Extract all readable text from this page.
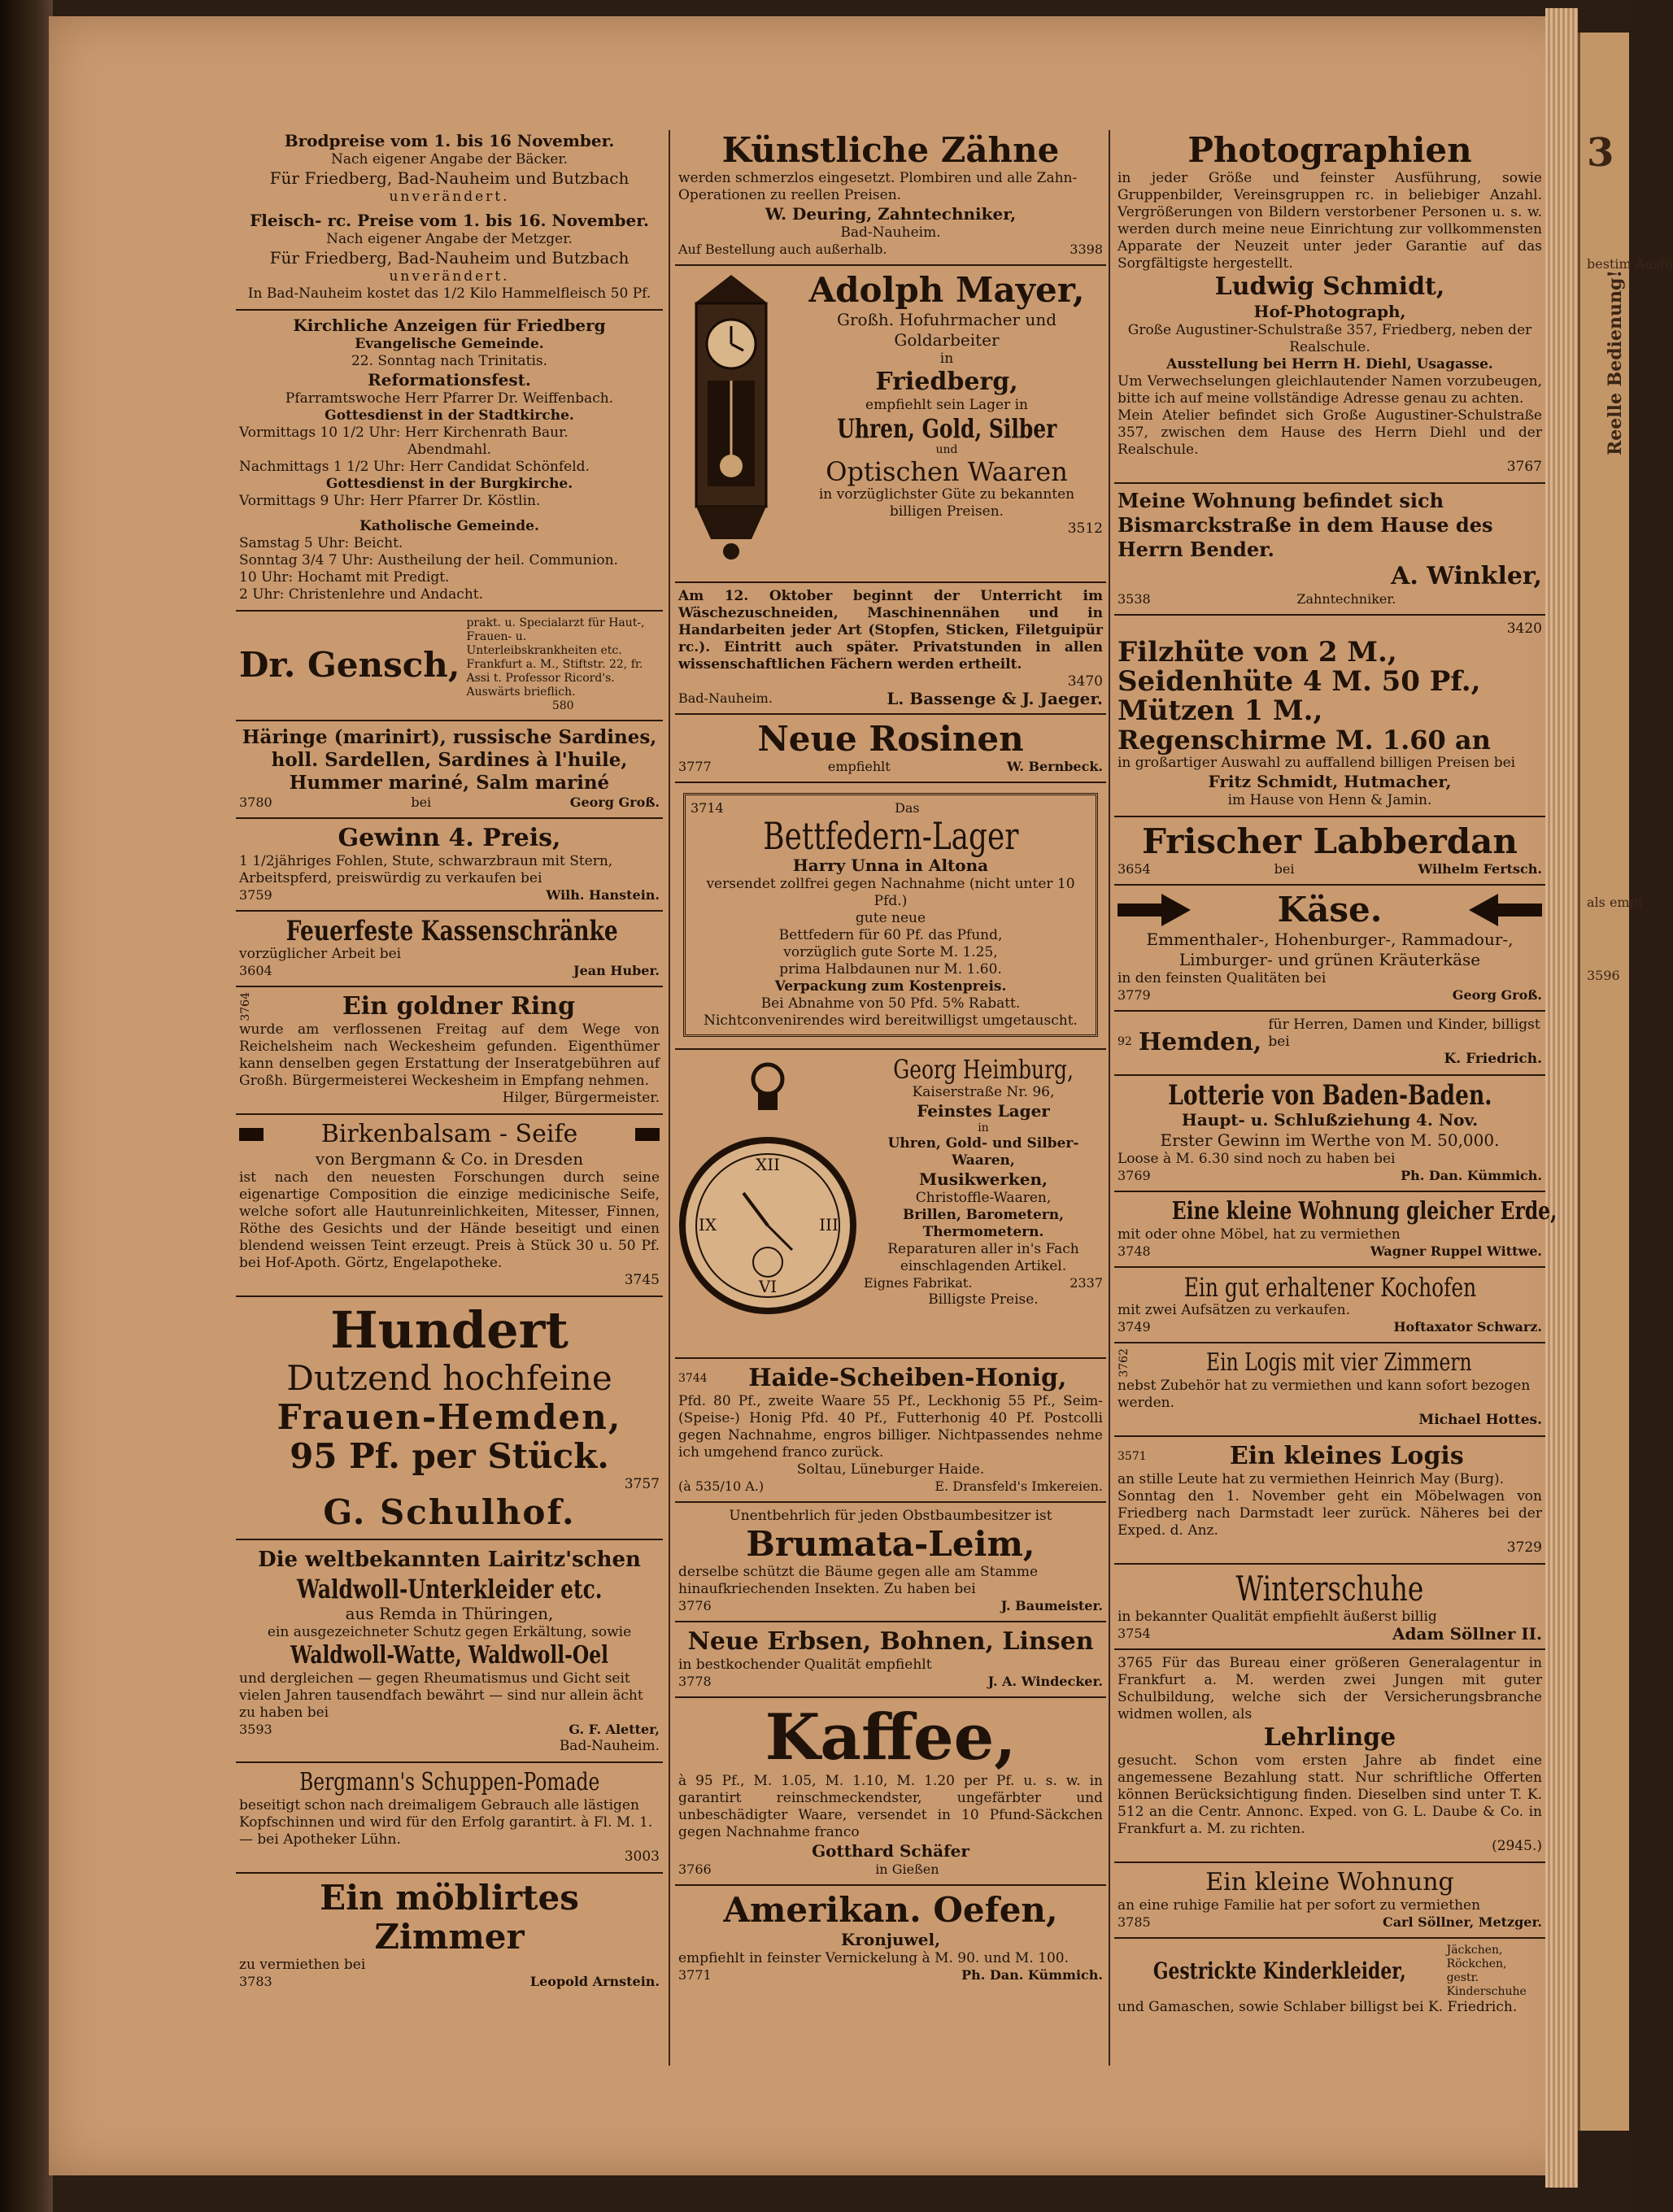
3
Reelle Bedienung!
bestim Ausfü
als empf
3596
Brodpreise vom 1. bis 16 November.
Nach eigener Angabe der Bäcker.
Für Friedberg, Bad-Nauheim und Butzbach
unverändert.
Fleisch- rc. Preise vom 1. bis 16. November.
Nach eigener Angabe der Metzger.
Für Friedberg, Bad-Nauheim und Butzbach
unverändert.
In Bad-Nauheim kostet das 1/2 Kilo Hammelfleisch 50 Pf.
Kirchliche Anzeigen für Friedberg
Evangelische Gemeinde.
22. Sonntag nach Trinitatis.
Reformationsfest.
Pfarramtswoche Herr Pfarrer Dr. Weiffenbach.
Gottesdienst in der Stadtkirche.
Vormittags 10 1/2 Uhr: Herr Kirchenrath Baur.
Abendmahl.
Nachmittags 1 1/2 Uhr: Herr Candidat Schönfeld.
Gottesdienst in der Burgkirche.
Vormittags 9 Uhr: Herr Pfarrer Dr. Köstlin.
Katholische Gemeinde.
Samstag 5 Uhr: Beicht.
Sonntag 3/4 7 Uhr: Austheilung der heil. Communion.
10 Uhr: Hochamt mit Predigt.
2 Uhr: Christenlehre und Andacht.
Dr. Gensch,
prakt. u. Specialarzt für Haut-, Frauen- u. Unterleibskrankheiten etc. Frankfurt a. M., Stiftstr. 22, fr. Assi t. Professor Ricord's. Auswärts brieflich.
580
Häringe (marinirt), russische Sardines, holl. Sardellen, Sardines à l'huile, Hummer mariné, Salm mariné
3780	bei	Georg Groß.
Gewinn 4. Preis,
1 1/2jähriges Fohlen, Stute, schwarzbraun mit Stern, Arbeitspferd, preiswürdig zu verkaufen bei
3759	Wilh. Hanstein.
Feuerfeste Kassenschränke
vorzüglicher Arbeit bei
3604	Jean Huber.
3764	Ein goldner Ring
wurde am verflossenen Freitag auf dem Wege von Reichelsheim nach Weckesheim gefunden. Eigenthümer kann denselben gegen Erstattung der Inseratgebühren auf Großh. Bürgermeisterei Weckesheim in Empfang nehmen.
Hilger, Bürgermeister.
Birkenbalsam - Seife
von Bergmann & Co. in Dresden
ist nach den neuesten Forschungen durch seine eigenartige Composition die einzige medicinische Seife, welche sofort alle Hautunreinlichkeiten, Mitesser, Finnen, Röthe des Gesichts und der Hände beseitigt und einen blendend weissen Teint erzeugt. Preis à Stück 30 u. 50 Pf. bei Hof-Apoth. Görtz, Engelapotheke.
3745
Hundert
Dutzend hochfeine
Frauen-Hemden,
95 Pf. per Stück.
3757
G. Schulhof.
Die weltbekannten Lairitz'schen
Waldwoll-Unterkleider etc.
aus Remda in Thüringen,
ein ausgezeichneter Schutz gegen Erkältung, sowie
Waldwoll-Watte, Waldwoll-Oel
und dergleichen — gegen Rheumatismus und Gicht seit vielen Jahren tausendfach bewährt — sind nur allein ächt zu haben bei
3593	G. F. Aletter,
Bad-Nauheim.
Bergmann's Schuppen-Pomade
beseitigt schon nach dreimaligem Gebrauch alle lästigen Kopfschinnen und wird für den Erfolg garantirt. à Fl. M. 1.— bei Apotheker Lühn.
3003
Ein möblirtes Zimmer
zu vermiethen bei
3783	Leopold Arnstein.
Künstliche Zähne
werden schmerzlos eingesetzt. Plombiren und alle Zahn-Operationen zu reellen Preisen.
W. Deuring, Zahntechniker,
Bad-Nauheim.
Auf Bestellung auch außerhalb.	3398
Adolph Mayer,
Großh. Hofuhrmacher und Goldarbeiter
in
Friedberg,
empfiehlt sein Lager in
Uhren, Gold, Silber
und
Optischen Waaren
in vorzüglichster Güte zu bekannten billigen Preisen.
3512
Am 12. Oktober beginnt der Unterricht im Wäschezuschneiden, Maschinennähen und in Handarbeiten jeder Art (Stopfen, Sticken, Filetguipür rc.). Eintritt auch später. Privatstunden in allen wissenschaftlichen Fächern werden ertheilt.
3470
Bad-Nauheim.	L. Bassenge & J. Jaeger.
Neue Rosinen
3777	empfiehlt	W. Bernbeck.
3714	Das
Bettfedern-Lager
Harry Unna in Altona
versendet zollfrei gegen Nachnahme (nicht unter 10 Pfd.)
gute neue
Bettfedern für 60 Pf. das Pfund,
vorzüglich gute Sorte M. 1.25,
prima Halbdaunen nur M. 1.60.
Verpackung zum Kostenpreis.
Bei Abnahme von 50 Pfd. 5% Rabatt.
Nichtconvenirendes wird bereitwilligst umgetauscht.
XII
III
VI
IX
Georg Heimburg,
Kaiserstraße Nr. 96,
Feinstes Lager
in
Uhren, Gold- und Silber-Waaren,
Musikwerken,
Christoffle-Waaren,
Brillen, Barometern,
Thermometern.
Reparaturen aller in's Fach einschlagenden Artikel.
Eignes Fabrikat.	2337
Billigste Preise.
3744	Haide-Scheiben-Honig,
Pfd. 80 Pf., zweite Waare 55 Pf., Leckhonig 55 Pf., Seim- (Speise-) Honig Pfd. 40 Pf., Futterhonig 40 Pf. Postcolli gegen Nachnahme, engros billiger. Nichtpassendes nehme ich umgehend franco zurück.
Soltau, Lüneburger Haide.
(à 535/10 A.)	E. Dransfeld's Imkereien.
Unentbehrlich für jeden Obstbaumbesitzer ist
Brumata-Leim,
derselbe schützt die Bäume gegen alle am Stamme hinaufkriechenden Insekten. Zu haben bei
3776	J. Baumeister.
Neue Erbsen, Bohnen, Linsen
in bestkochender Qualität empfiehlt
3778	J. A. Windecker.
Kaffee,
à 95 Pf., M. 1.05, M. 1.10, M. 1.20 per Pf. u. s. w. in garantirt reinschmeckendster, ungefärbter und unbeschädigter Waare, versendet in 10 Pfund-Säckchen gegen Nachnahme franco
Gotthard Schäfer
3766	in Gießen
Amerikan. Oefen,
Kronjuwel,
empfiehlt in feinster Vernickelung à M. 90. und M. 100.
3771	Ph. Dan. Kümmich.
Photographien
in jeder Größe und feinster Ausführung, sowie Gruppenbilder, Vereinsgruppen rc. in beliebiger Anzahl. Vergrößerungen von Bildern verstorbener Personen u. s. w. werden durch meine neue Einrichtung zur vollkommensten Apparate der Neuzeit unter jeder Garantie auf das Sorgfältigste hergestellt.
Ludwig Schmidt,
Hof-Photograph,
Große Augustiner-Schulstraße 357, Friedberg, neben der Realschule.
Ausstellung bei Herrn H. Diehl, Usagasse.
Um Verwechselungen gleichlautender Namen vorzubeugen, bitte ich auf meine vollständige Adresse genau zu achten.
Mein Atelier befindet sich Große Augustiner-Schulstraße 357, zwischen dem Hause des Herrn Diehl und der Realschule.
3767
Meine Wohnung befindet sich Bismarckstraße in dem Hause des Herrn Bender.
A. Winkler,
3538	Zahntechniker.
3420
Filzhüte von 2 M.,
Seidenhüte 4 M. 50 Pf.,
Mützen 1 M.,
Regenschirme M. 1.60 an
in großartiger Auswahl zu auffallend billigen Preisen bei
Fritz Schmidt, Hutmacher,
im Hause von Henn & Jamin.
Frischer Labberdan
3654	bei	Wilhelm Fertsch.
Käse.
Emmenthaler-, Hohenburger-, Rammadour-,
Limburger- und grünen Kräuterkäse
in den feinsten Qualitäten bei
3779	Georg Groß.
92 Hemden,
für Herren, Damen und Kinder, billigst bei
K. Friedrich.
Lotterie von Baden-Baden.
Haupt- u. Schlußziehung 4. Nov.
Erster Gewinn im Werthe von M. 50,000.
Loose à M. 6.30 sind noch zu haben bei
3769	Ph. Dan. Kümmich.
Eine kleine Wohnung gleicher Erde,
mit oder ohne Möbel, hat zu vermiethen
3748	Wagner Ruppel Wittwe.
Ein gut erhaltener Kochofen
mit zwei Aufsätzen zu verkaufen.
3749	Hoftaxator Schwarz.
3762	Ein Logis mit vier Zimmern
nebst Zubehör hat zu vermiethen und kann sofort bezogen werden.
Michael Hottes.
3571	Ein kleines Logis
an stille Leute hat zu vermiethen Heinrich May (Burg).
Sonntag den 1. November geht ein Möbelwagen von Friedberg nach Darmstadt leer zurück. Näheres bei der Exped. d. Anz.
3729
Winterschuhe
in bekannter Qualität empfiehlt äußerst billig
3754	Adam Söllner II.
3765 Für das Bureau einer größeren Generalagentur in Frankfurt a. M. werden zwei Jungen mit guter Schulbildung, welche sich der Versicherungsbranche widmen wollen, als
Lehrlinge
gesucht. Schon vom ersten Jahre ab findet eine angemessene Bezahlung statt. Nur schriftliche Offerten können Berücksichtigung finden. Dieselben sind unter T. K. 512 an die Centr. Annonc. Exped. von G. L. Daube & Co. in Frankfurt a. M. zu richten.
(2945.)
Ein kleine Wohnung
an eine ruhige Familie hat per sofort zu vermiethen
3785	Carl Söllner, Metzger.
Gestrickte Kinderkleider,
Jäckchen, Röckchen, gestr. Kinderschuhe
und Gamaschen, sowie Schlaber billigst bei K. Friedrich.
